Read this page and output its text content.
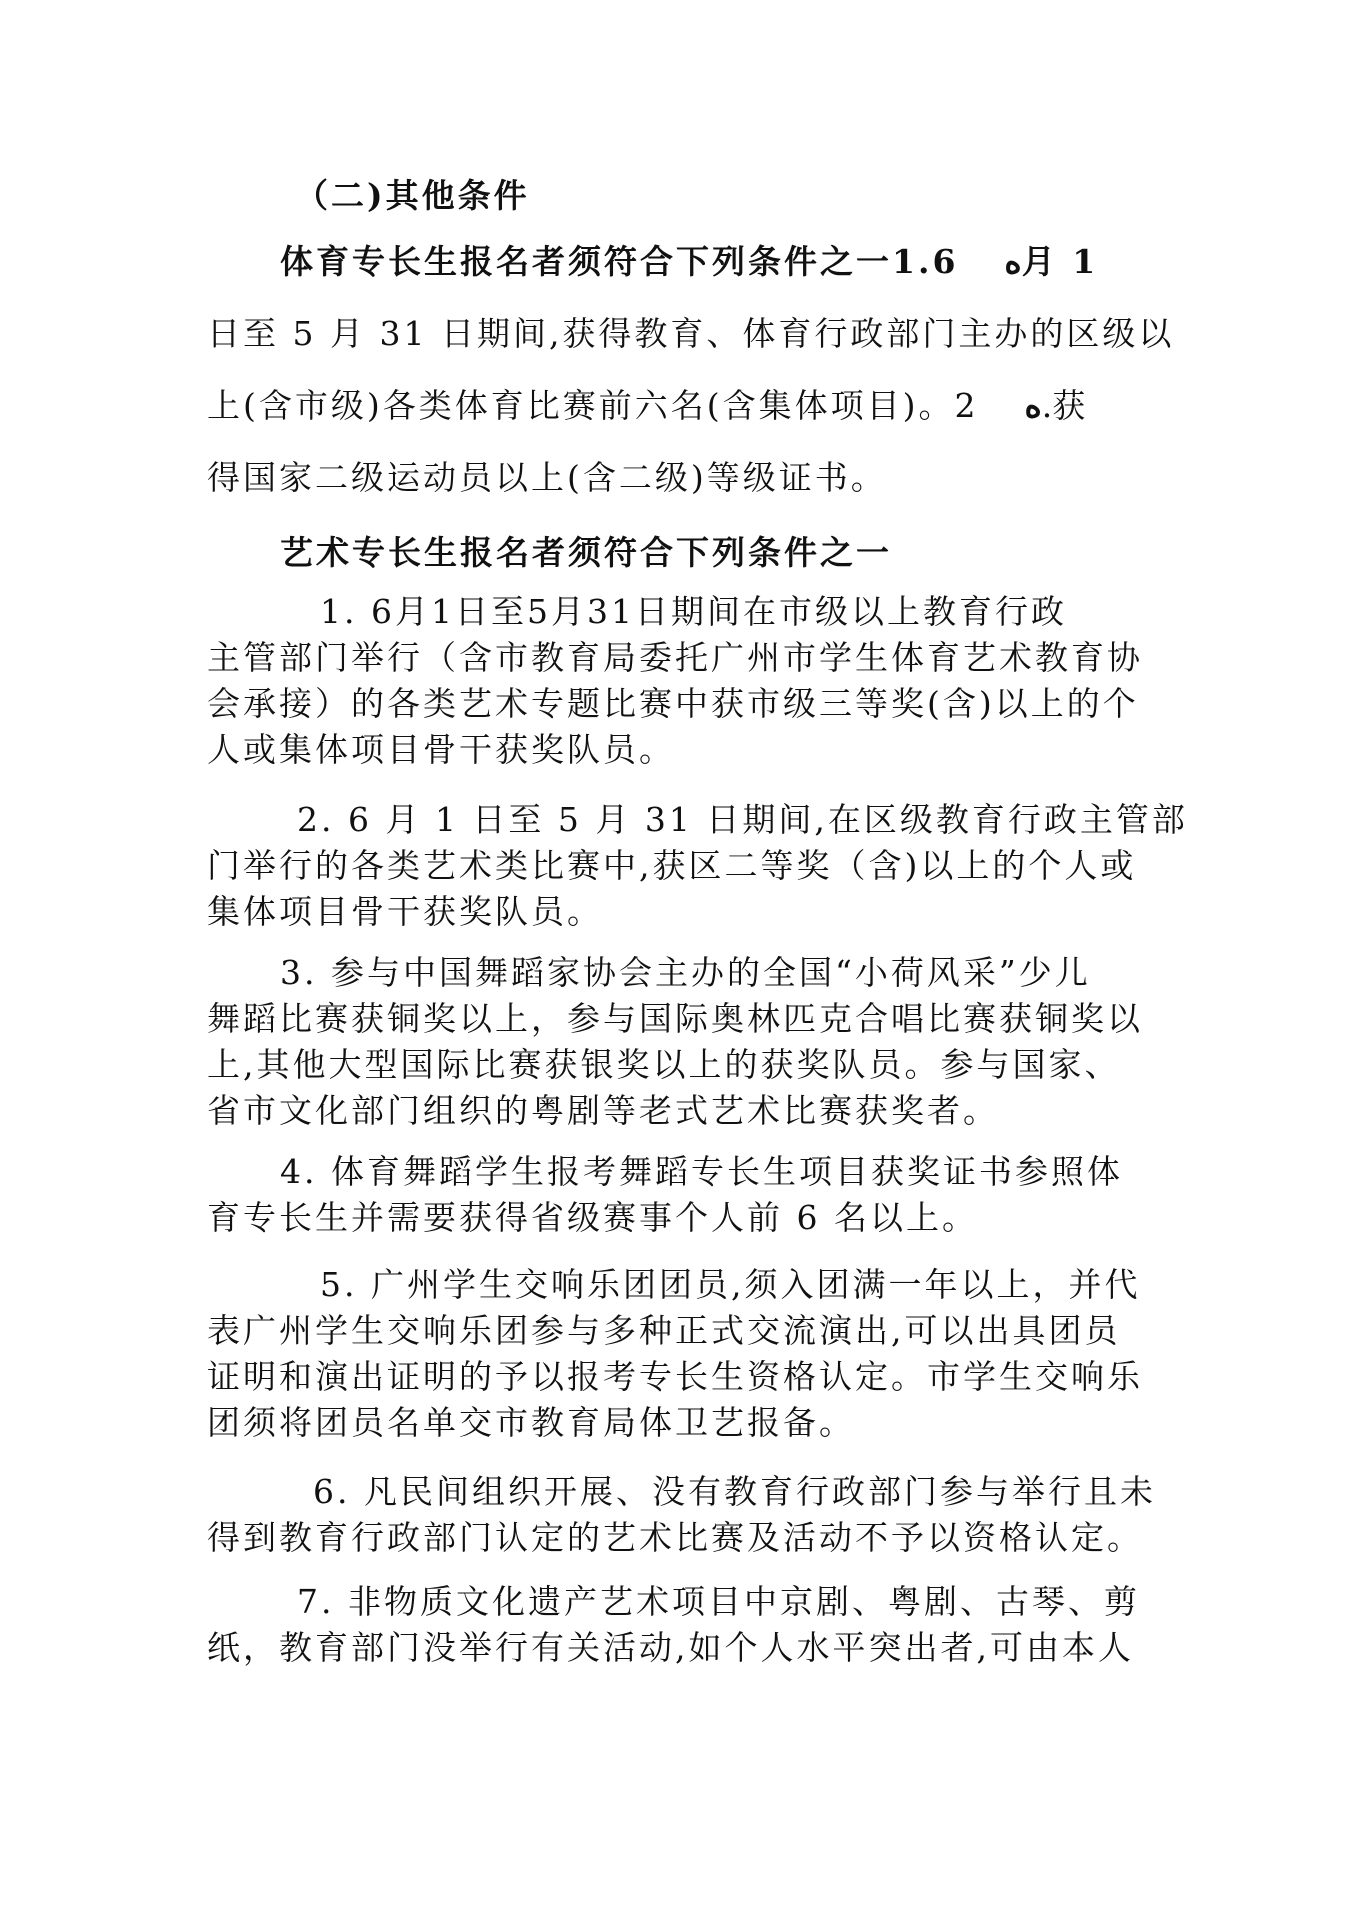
（二)其他条件
体育专长生报名者须符合下列条件之一1.6 ه月 1
日至 5 月 31 日期间,获得教育、体育行政部门主办的区级以
上(含市级)各类体育比赛前六名(含集体项目)。2 ه.获
得国家二级运动员以上(含二级)等级证书。
艺术专长生报名者须符合下列条件之一
1. 6月1日至5月31日期间在市级以上教育行政
主管部门举行（含市教育局委托广州市学生体育艺术教育协
会承接）的各类艺术专题比赛中获市级三等奖(含)以上的个
人或集体项目骨干获奖队员。
2. 6 月 1 日至 5 月 31 日期间,在区级教育行政主管部
门举行的各类艺术类比赛中,获区二等奖（含)以上的个人或
集体项目骨干获奖队员。
3. 参与中国舞蹈家协会主办的全国“小荷风采”少儿
舞蹈比赛获铜奖以上，参与国际奥林匹克合唱比赛获铜奖以
上,其他大型国际比赛获银奖以上的获奖队员。参与国家、
省市文化部门组织的粤剧等老式艺术比赛获奖者。
4. 体育舞蹈学生报考舞蹈专长生项目获奖证书参照体
育专长生并需要获得省级赛事个人前 6 名以上。
5. 广州学生交响乐团团员,须入团满一年以上，并代
表广州学生交响乐团参与多种正式交流演出,可以出具团员
证明和演出证明的予以报考专长生资格认定。市学生交响乐
团须将团员名单交市教育局体卫艺报备。
6. 凡民间组织开展、没有教育行政部门参与举行且未
得到教育行政部门认定的艺术比赛及活动不予以资格认定。
7. 非物质文化遗产艺术项目中京剧、粤剧、古琴、剪
纸，教育部门没举行有关活动,如个人水平突出者,可由本人
